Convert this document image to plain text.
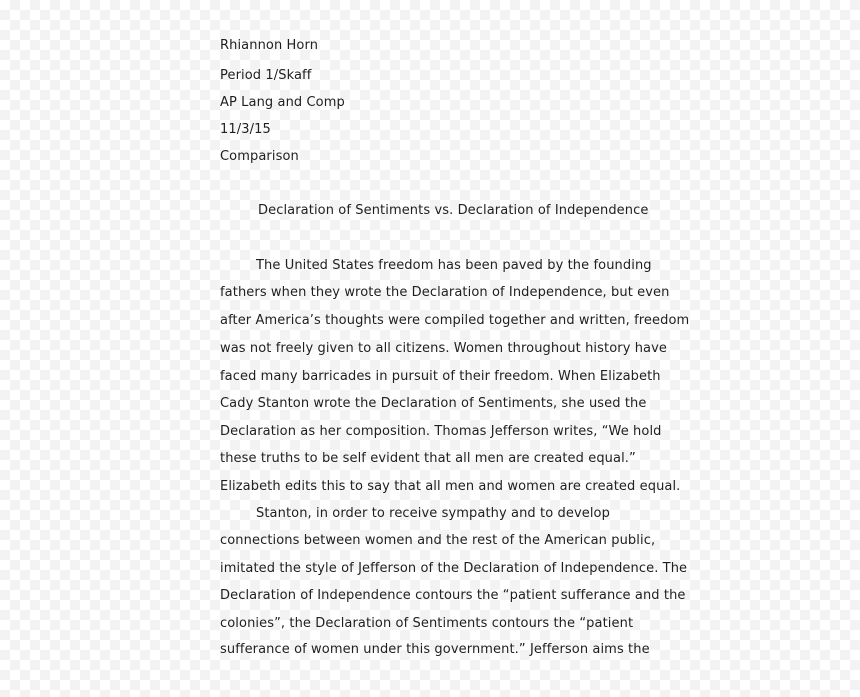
Rhiannon Horn
Period 1/Skaff
AP Lang and Comp
11/3/15
Comparison
Declaration of Sentiments vs. Declaration of Independence
The United States freedom has been paved by the founding
fathers when they wrote the Declaration of Independence, but even
after America’s thoughts were compiled together and written, freedom
was not freely given to all citizens. Women throughout history have
faced many barricades in pursuit of their freedom. When Elizabeth
Cady Stanton wrote the Declaration of Sentiments, she used the
Declaration as her composition. Thomas Jefferson writes, “We hold
these truths to be self evident that all men are created equal.”
Elizabeth edits this to say that all men and women are created equal.
Stanton, in order to receive sympathy and to develop
connections between women and the rest of the American public,
imitated the style of Jefferson of the Declaration of Independence. The
Declaration of Independence contours the “patient sufferance and the
colonies”, the Declaration of Sentiments contours the “patient
sufferance of women under this government.” Jefferson aims the
